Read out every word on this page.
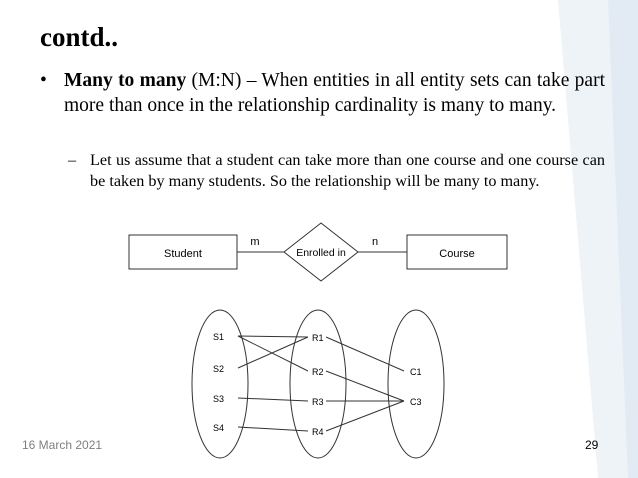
contd..
• Many to many (M:N) – When entities in all entity sets can take part more than once in the relationship cardinality is many to many.
– Let us assume that a student can take more than one course and one course can be taken by many students. So the relationship will be many to many.
Student
m
Enrolled in
n
Course
S1
S2
S3
S4
R1
R2
R3
R4
C1
C3
16 March 2021	29
